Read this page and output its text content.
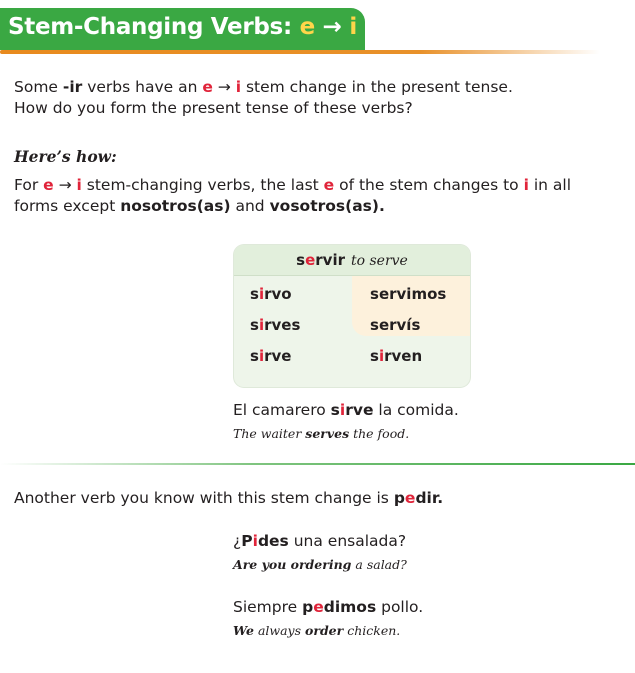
Stem-Changing Verbs: e → i
Some -ir verbs have an e → i stem change in the present tense.
How do you form the present tense of these verbs?
Here’s how:
For e → i stem-changing verbs, the last e of the stem changes to i in all
forms except nosotros(as) and vosotros(as).
servir to serve
sirvo
sirves
sirve
servimos
servís
sirven
El camarero sirve la comida.
The waiter serves the food.
Another verb you know with this stem change is pedir.
¿Pides una ensalada?
Are you ordering a salad?
Siempre pedimos pollo.
We always order chicken.
